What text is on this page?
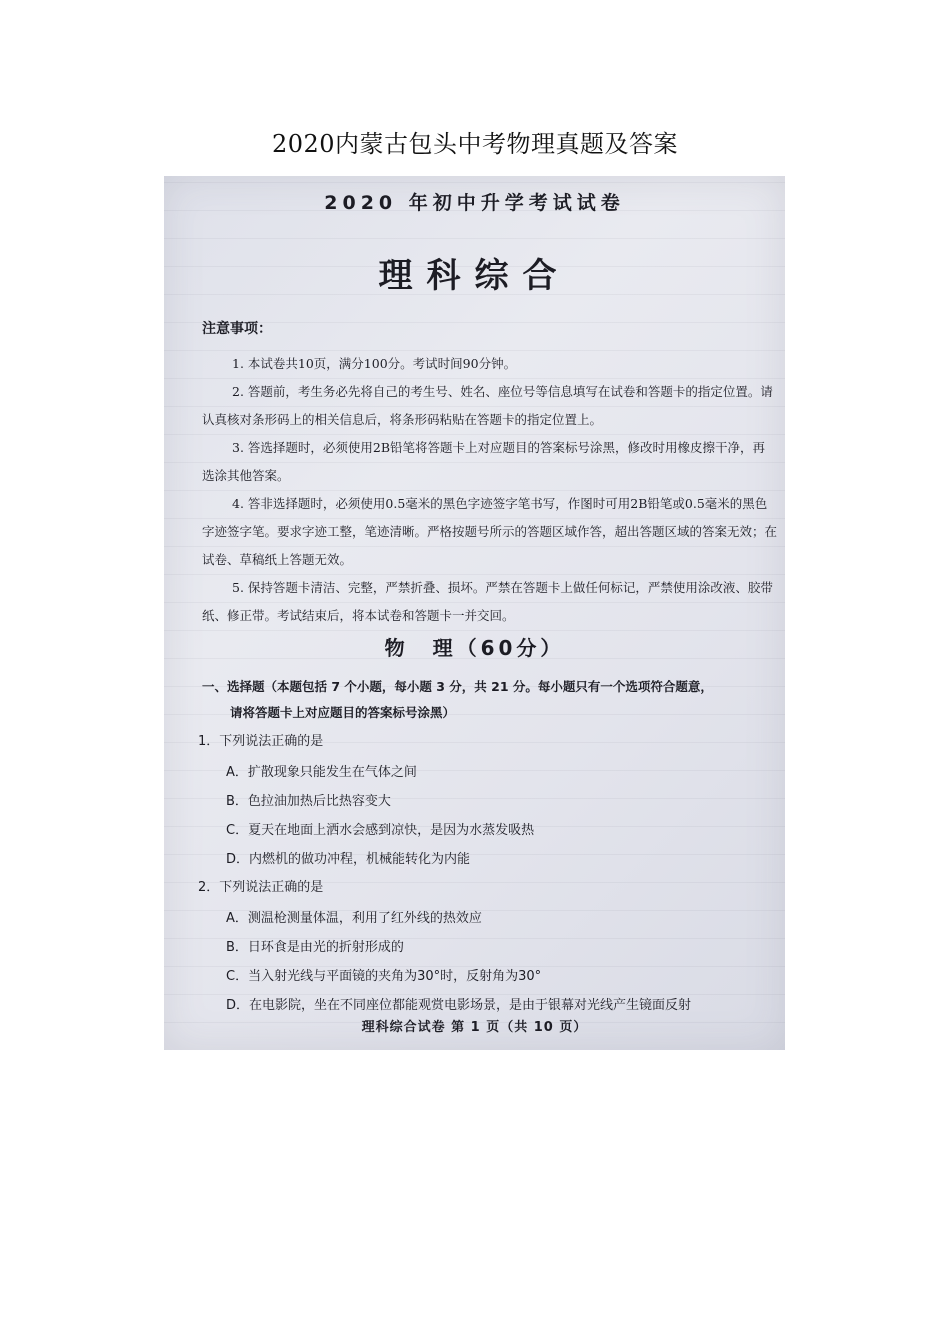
2020内蒙古包头中考物理真题及答案
2020 年初中升学考试试卷
理科综合
注意事项：

1. 本试卷共10页，满分100分。考试时间90分钟。

2. 答题前，考生务必先将自己的考生号、姓名、座位号等信息填写在试卷和答题卡的指定位置。请认真核对条形码上的相关信息后，将条形码粘贴在答题卡的指定位置上。

3. 答选择题时，必须使用2B铅笔将答题卡上对应题目的答案标号涂黑，修改时用橡皮擦干净，再选涂其他答案。

4. 答非选择题时，必须使用0.5毫米的黑色字迹签字笔书写，作图时可用2B铅笔或0.5毫米的黑色字迹签字笔。要求字迹工整，笔迹清晰。严格按题号所示的答题区域作答，超出答题区域的答案无效；在试卷、草稿纸上答题无效。

5. 保持答题卡清洁、完整，严禁折叠、损坏。严禁在答题卡上做任何标记，严禁使用涂改液、胶带纸、修正带。考试结束后，将本试卷和答题卡一并交回。

物　理（60分）
一、选择题（本题包括 7 个小题，每小题 3 分，共 21 分。每小题只有一个选项符合题意，
请将答题卡上对应题目的答案标号涂黑）

1．下列说法正确的是

A．扩散现象只能发生在气体之间

B．色拉油加热后比热容变大

C．夏天在地面上洒水会感到凉快，是因为水蒸发吸热

D．内燃机的做功冲程，机械能转化为内能

2．下列说法正确的是

A．测温枪测量体温，利用了红外线的热效应

B．日环食是由光的折射形成的

C．当入射光线与平面镜的夹角为30°时，反射角为30°

D．在电影院，坐在不同座位都能观赏电影场景，是由于银幕对光线产生镜面反射

理科综合试卷 第 1 页（共 10 页）
